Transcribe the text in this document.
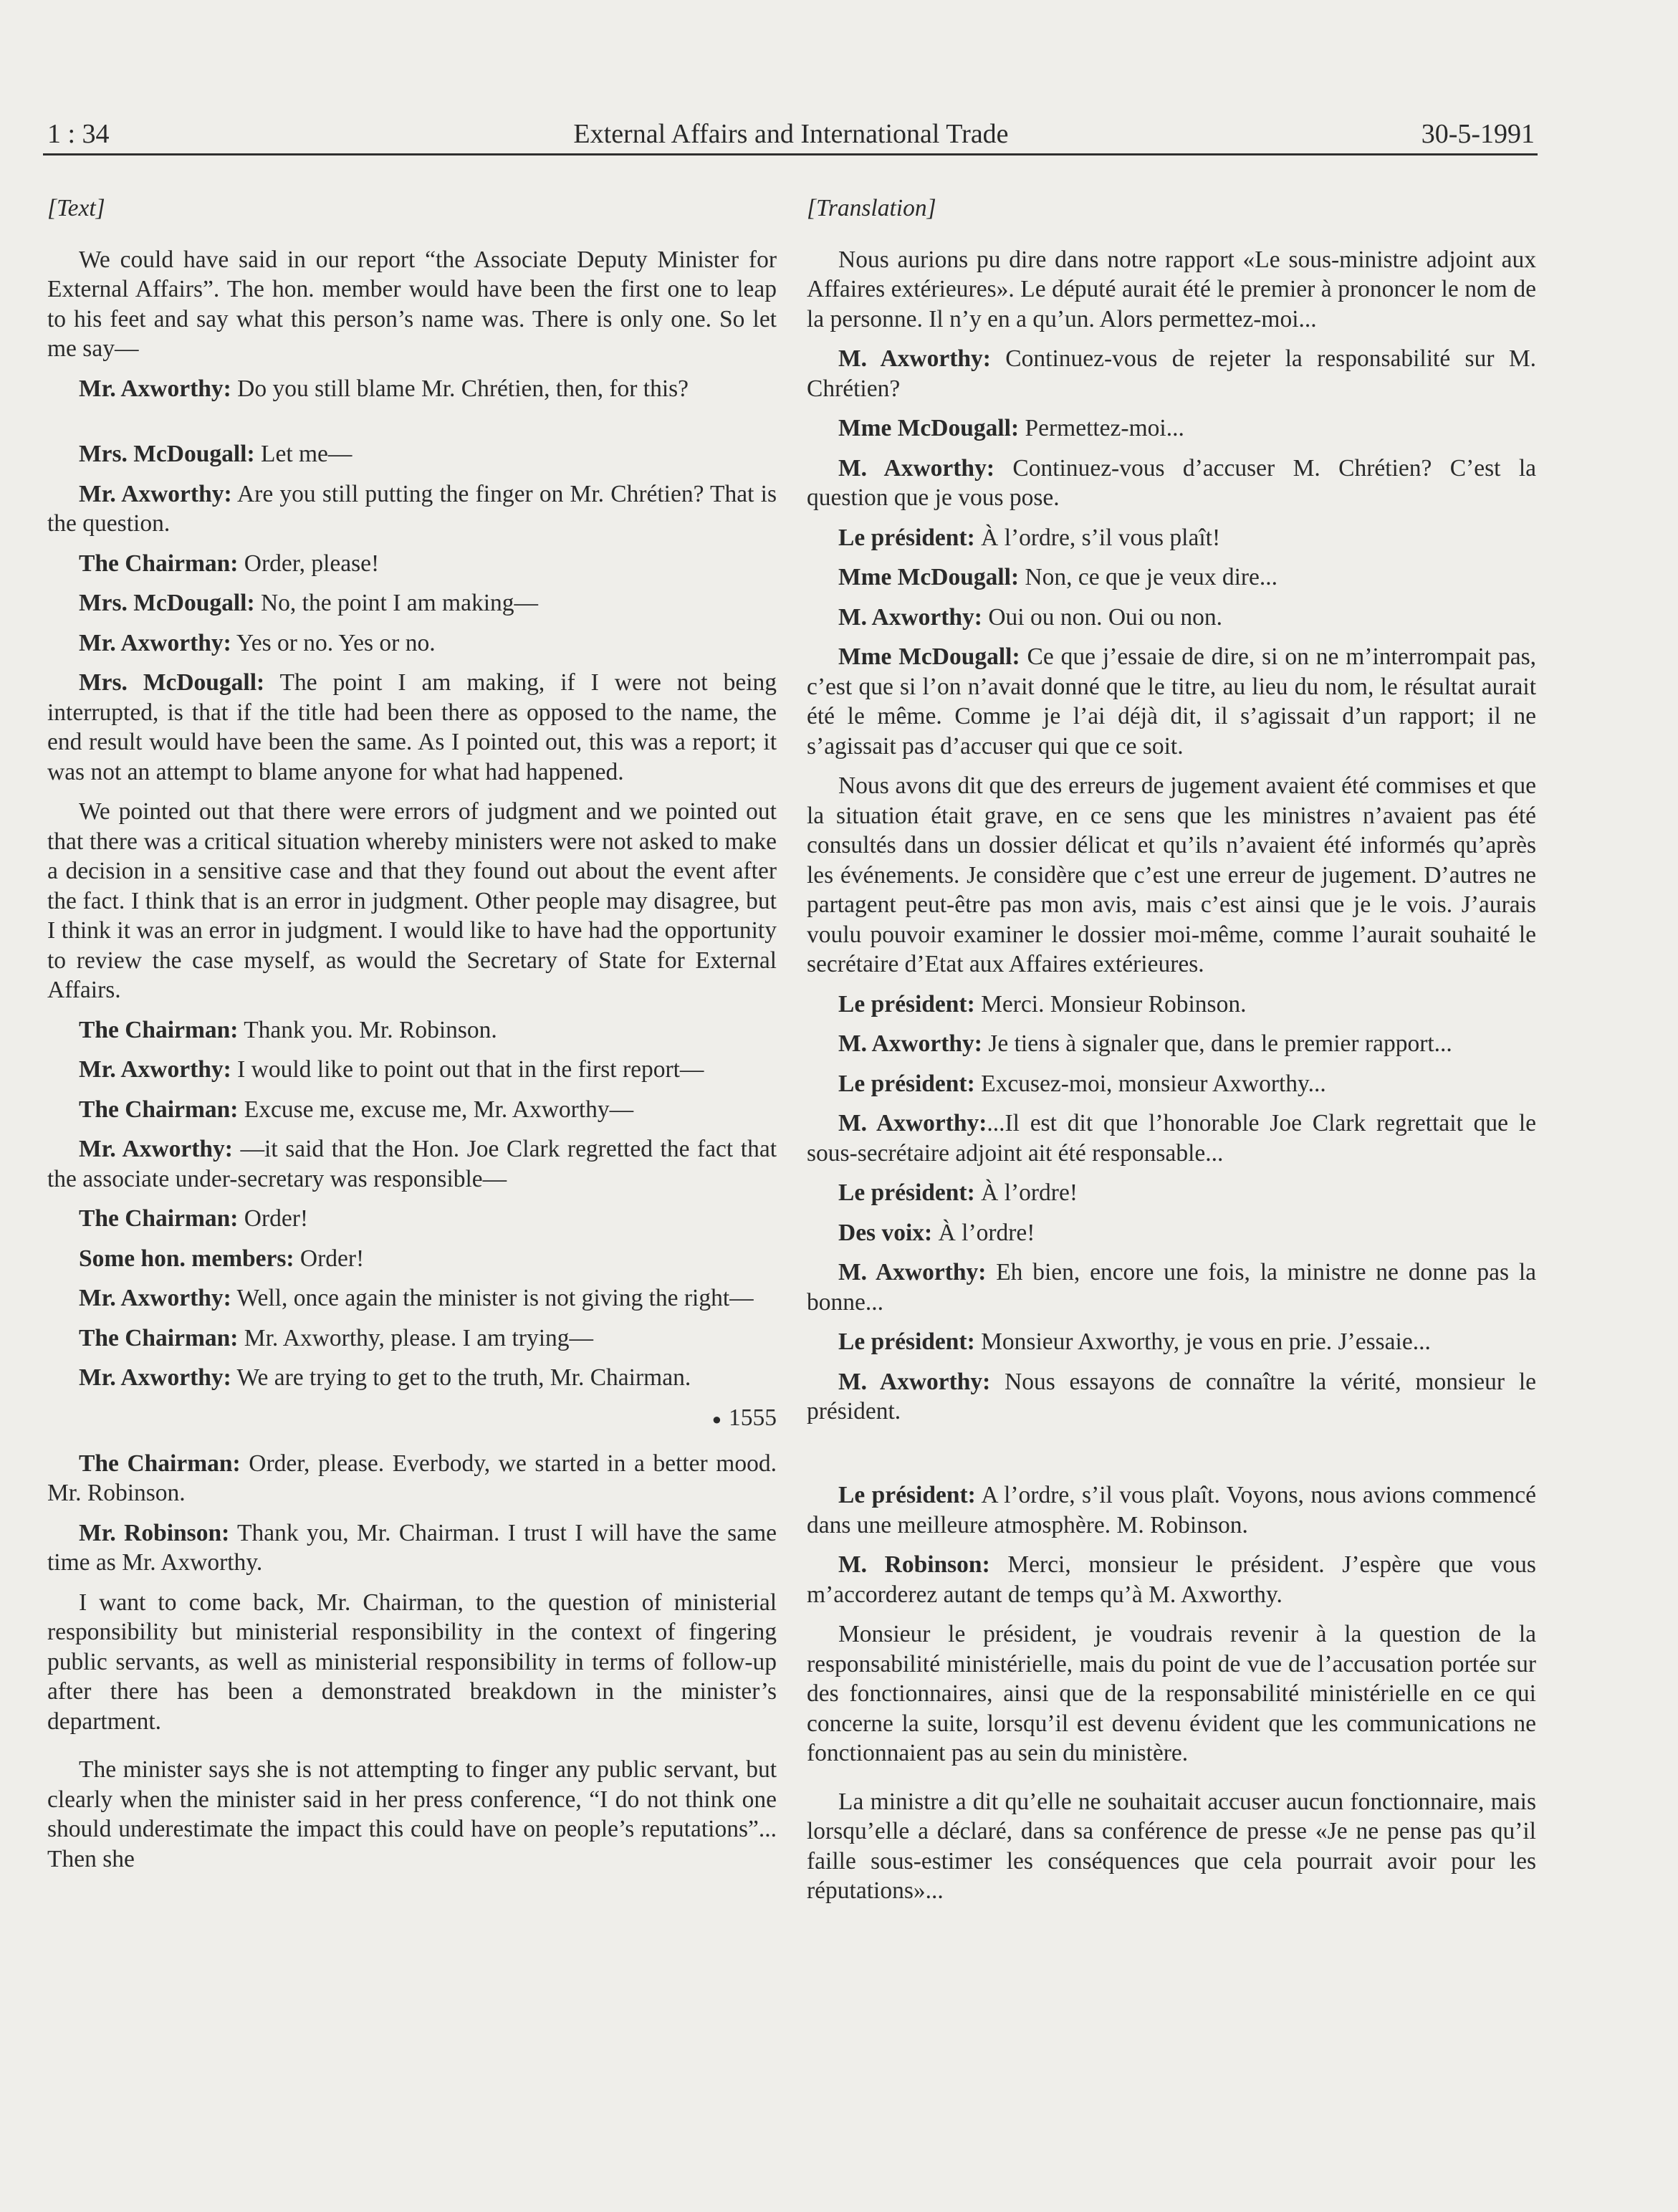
1 : 34	External Affairs and International Trade	30-5-1991
[Text]

We could have said in our report “the Associate Deputy Minister for External Affairs”. The hon. member would have been the first one to leap to his feet and say what this person’s name was. There is only one. So let me say—

Mr. Axworthy: Do you still blame Mr. Chrétien, then, for this?

Mrs. McDougall: Let me—

Mr. Axworthy: Are you still putting the finger on Mr. Chrétien? That is the question.

The Chairman: Order, please!

Mrs. McDougall: No, the point I am making—

Mr. Axworthy: Yes or no. Yes or no.

Mrs. McDougall: The point I am making, if I were not being interrupted, is that if the title had been there as opposed to the name, the end result would have been the same. As I pointed out, this was a report; it was not an attempt to blame anyone for what had happened.

We pointed out that there were errors of judgment and we pointed out that there was a critical situation whereby ministers were not asked to make a decision in a sensitive case and that they found out about the event after the fact. I think that is an error in judgment. Other people may disagree, but I think it was an error in judgment. I would like to have had the opportunity to review the case myself, as would the Secretary of State for External Affairs.

The Chairman: Thank you. Mr. Robinson.

Mr. Axworthy: I would like to point out that in the first report—

The Chairman: Excuse me, excuse me, Mr. Axworthy—

Mr. Axworthy: —it said that the Hon. Joe Clark regretted the fact that the associate under-secretary was responsible—

The Chairman: Order!

Some hon. members: Order!

Mr. Axworthy: Well, once again the minister is not giving the right—

The Chairman: Mr. Axworthy, please. I am trying—

Mr. Axworthy: We are trying to get to the truth, Mr. Chairman.

● 1555

The Chairman: Order, please. Everbody, we started in a better mood. Mr. Robinson.

Mr. Robinson: Thank you, Mr. Chairman. I trust I will have the same time as Mr. Axworthy.

I want to come back, Mr. Chairman, to the question of ministerial responsibility but ministerial responsibility in the context of fingering public servants, as well as ministerial responsibility in terms of follow-up after there has been a demonstrated breakdown in the minister’s department.

The minister says she is not attempting to finger any public servant, but clearly when the minister said in her press conference, “I do not think one should underestimate the impact this could have on people’s reputations”... Then she

[Translation]

Nous aurions pu dire dans notre rapport «Le sous-ministre adjoint aux Affaires extérieures». Le député aurait été le premier à prononcer le nom de la personne. Il n’y en a qu’un. Alors permettez-moi...

M. Axworthy: Continuez-vous de rejeter la responsabilité sur M. Chrétien?

Mme McDougall: Permettez-moi...

M. Axworthy: Continuez-vous d’accuser M. Chrétien? C’est la question que je vous pose.

Le président: À l’ordre, s’il vous plaît!

Mme McDougall: Non, ce que je veux dire...

M. Axworthy: Oui ou non. Oui ou non.

Mme McDougall: Ce que j’essaie de dire, si on ne m’interrompait pas, c’est que si l’on n’avait donné que le titre, au lieu du nom, le résultat aurait été le même. Comme je l’ai déjà dit, il s’agissait d’un rapport; il ne s’agissait pas d’accuser qui que ce soit.

Nous avons dit que des erreurs de jugement avaient été commises et que la situation était grave, en ce sens que les ministres n’avaient pas été consultés dans un dossier délicat et qu’ils n’avaient été informés qu’après les événements. Je considère que c’est une erreur de jugement. D’autres ne partagent peut-être pas mon avis, mais c’est ainsi que je le vois. J’aurais voulu pouvoir examiner le dossier moi-même, comme l’aurait souhaité le secrétaire d’Etat aux Affaires extérieures.

Le président: Merci. Monsieur Robinson.

M. Axworthy: Je tiens à signaler que, dans le premier rapport...

Le président: Excusez-moi, monsieur Axworthy...

M. Axworthy:...Il est dit que l’honorable Joe Clark regrettait que le sous-secrétaire adjoint ait été responsable...

Le président: À l’ordre!

Des voix: À l’ordre!

M. Axworthy: Eh bien, encore une fois, la ministre ne donne pas la bonne...

Le président: Monsieur Axworthy, je vous en prie. J’essaie...

M. Axworthy: Nous essayons de connaître la vérité, monsieur le président.

Le président: A l’ordre, s’il vous plaît. Voyons, nous avions commencé dans une meilleure atmosphère. M. Robinson.

M. Robinson: Merci, monsieur le président. J’espère que vous m’accorderez autant de temps qu’à M. Axworthy.

Monsieur le président, je voudrais revenir à la question de la responsabilité ministérielle, mais du point de vue de l’accusation portée sur des fonctionnaires, ainsi que de la responsabilité ministérielle en ce qui concerne la suite, lorsqu’il est devenu évident que les communications ne fonctionnaient pas au sein du ministère.

La ministre a dit qu’elle ne souhaitait accuser aucun fonctionnaire, mais lorsqu’elle a déclaré, dans sa conférence de presse «Je ne pense pas qu’il faille sous-estimer les conséquences que cela pourrait avoir pour les réputations»...
